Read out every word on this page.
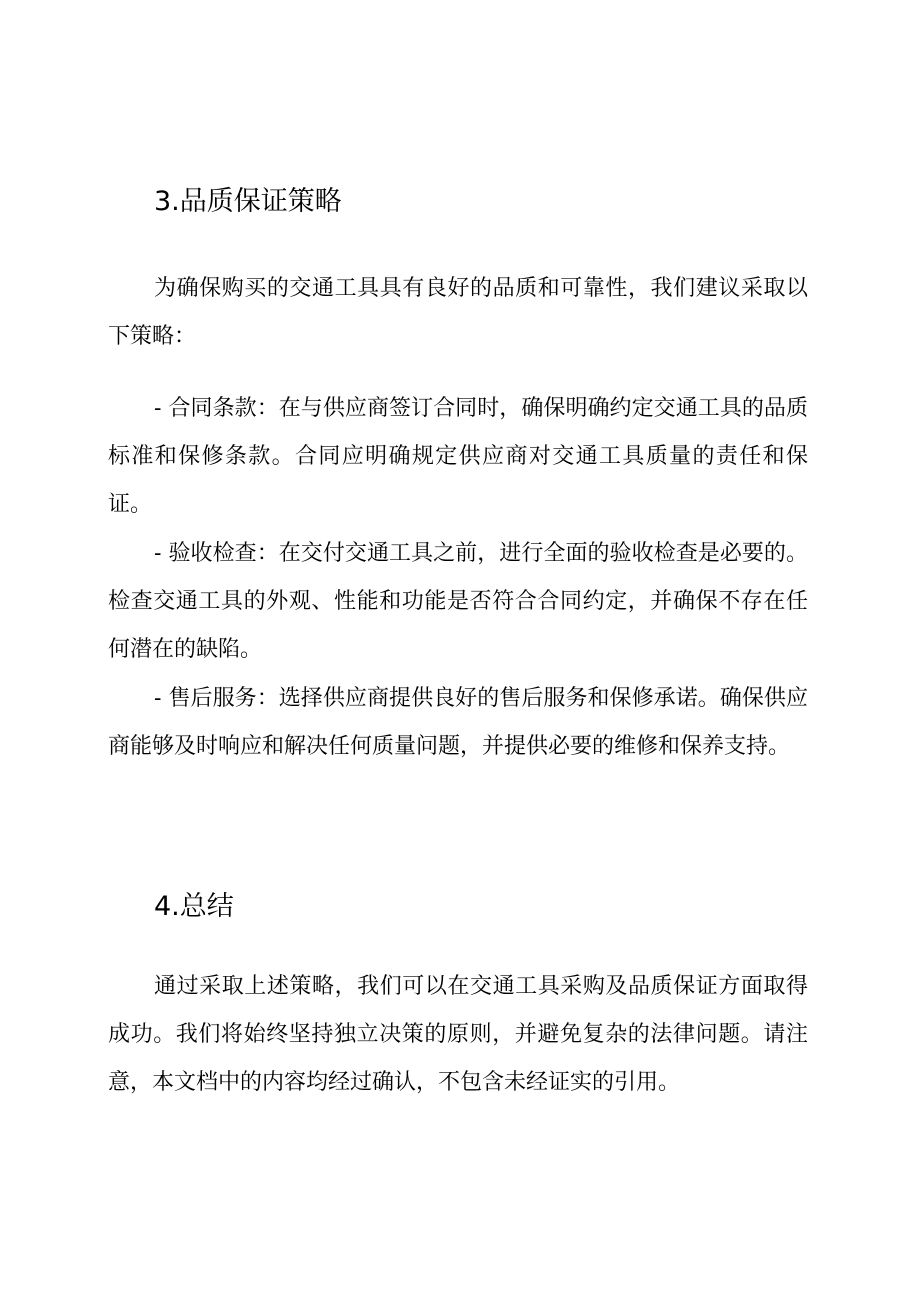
3.品质保证策略

为确保购买的交通工具具有良好的品质和可靠性，我们建议采取以下策略：

- 合同条款：在与供应商签订合同时，确保明确约定交通工具的品质标准和保修条款。合同应明确规定供应商对交通工具质量的责任和保证。

- 验收检查：在交付交通工具之前，进行全面的验收检查是必要的。检查交通工具的外观、性能和功能是否符合合同约定，并确保不存在任何潜在的缺陷。

- 售后服务：选择供应商提供良好的售后服务和保修承诺。确保供应商能够及时响应和解决任何质量问题，并提供必要的维修和保养支持。

4.总结

通过采取上述策略，我们可以在交通工具采购及品质保证方面取得成功。我们将始终坚持独立决策的原则，并避免复杂的法律问题。请注意，本文档中的内容均经过确认，不包含未经证实的引用。
